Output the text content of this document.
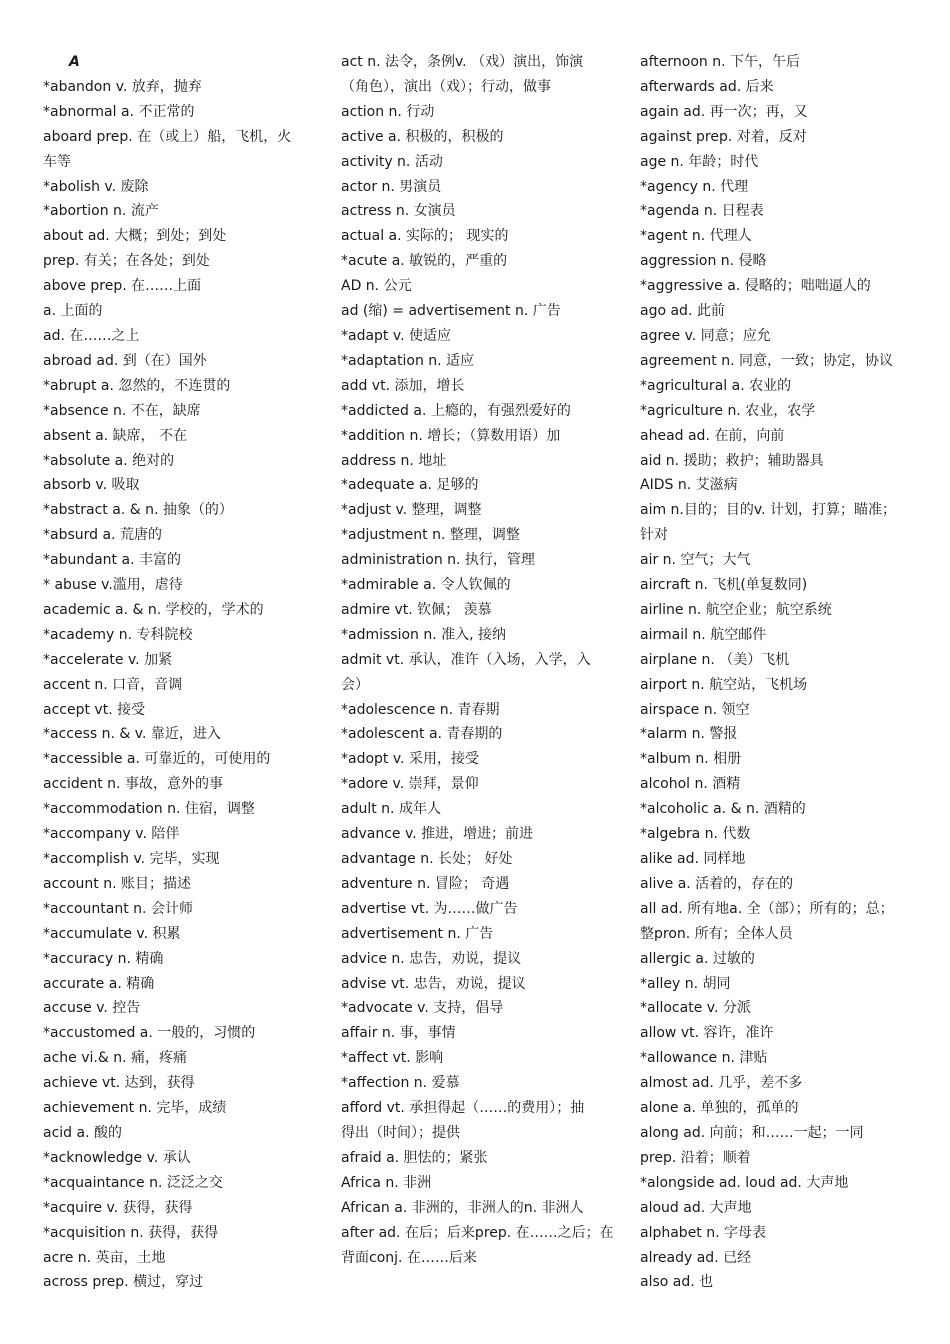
A
*abandon v. 放弃，抛弃
*abnormal a. 不正常的
aboard prep. 在（或上）船，飞机，火
车等
*abolish v. 废除
*abortion n. 流产
about ad. 大概；到处；到处
prep. 有关；在各处；到处
above prep. 在……上面
a. 上面的
ad. 在……之上
abroad ad. 到（在）国外
*abrupt a. 忽然的，不连贯的
*absence n. 不在，缺席
absent a. 缺席， 不在
*absolute a. 绝对的
absorb v. 吸取
*abstract a. & n. 抽象（的）
*absurd a. 荒唐的
*abundant a. 丰富的
* abuse v.滥用，虐待
academic a. & n. 学校的，学术的
*academy n. 专科院校
*accelerate v. 加紧
accent n. 口音，音调
accept vt. 接受
*access n. & v. 靠近，进入
*accessible a. 可靠近的，可使用的
accident n. 事故，意外的事
*accommodation n. 住宿，调整
*accompany v. 陪伴
*accomplish v. 完毕，实现
account n. 账目；描述
*accountant n. 会计师
*accumulate v. 积累
*accuracy n. 精确
accurate a. 精确
accuse v. 控告
*accustomed a. 一般的，习惯的
ache vi.& n. 痛，疼痛
achieve vt. 达到，获得
achievement n. 完毕，成绩
acid a. 酸的
*acknowledge v. 承认
*acquaintance n. 泛泛之交
*acquire v. 获得，获得
*acquisition n. 获得，获得
acre n. 英亩，土地
across prep. 横过，穿过
act n. 法令，条例v. （戏）演出，饰演
（角色），演出（戏）；行动，做事
action n. 行动
active a. 积极的，积极的
activity n. 活动
actor n. 男演员
actress n. 女演员
actual a. 实际的； 现实的
*acute a. 敏锐的，严重的
AD n. 公元
ad (缩) = advertisement n. 广告
*adapt v. 使适应
*adaptation n. 适应
add vt. 添加，增长
*addicted a. 上瘾的，有强烈爱好的
*addition n. 增长；（算数用语）加
address n. 地址
*adequate a. 足够的
*adjust v. 整理，调整
*adjustment n. 整理，调整
administration n. 执行，管理
*admirable a. 令人钦佩的
admire vt. 钦佩； 羡慕
*admission n. 准入, 接纳
admit vt. 承认，准许（入场，入学，入
会）
*adolescence n. 青春期
*adolescent a. 青春期的
*adopt v. 采用，接受
*adore v. 崇拜，景仰
adult n. 成年人
advance v. 推进，增进；前进
advantage n. 长处； 好处
adventure n. 冒险； 奇遇
advertise vt. 为……做广告
advertisement n. 广告
advice n. 忠告，劝说，提议
advise vt. 忠告，劝说，提议
*advocate v. 支持，倡导
affair n. 事，事情
*affect vt. 影响
*affection n. 爱慕
afford vt. 承担得起（……的费用）；抽
得出（时间）；提供
afraid a. 胆怯的；紧张
Africa n. 非洲
African a. 非洲的，非洲人的n. 非洲人
after ad. 在后；后来prep. 在……之后；在
背面conj. 在……后来
afternoon n. 下午，午后
afterwards ad. 后来
again ad. 再一次；再，又
against prep. 对着，反对
age n. 年龄；时代
*agency n. 代理
*agenda n. 日程表
*agent n. 代理人
aggression n. 侵略
*aggressive a. 侵略的；咄咄逼人的
ago ad. 此前
agree v. 同意；应允
agreement n. 同意，一致；协定，协议
*agricultural a. 农业的
*agriculture n. 农业，农学
ahead ad. 在前，向前
aid n. 援助；救护；辅助器具
AIDS n. 艾滋病
aim n.目的；目的v. 计划，打算；瞄准；
针对
air n. 空气；大气
aircraft n. 飞机(单复数同)
airline n. 航空企业；航空系统
airmail n. 航空邮件
airplane n. （美）飞机
airport n. 航空站，飞机场
airspace n. 领空
*alarm n. 警报
*album n. 相册
alcohol n. 酒精
*alcoholic a. & n. 酒精的
*algebra n. 代数
alike ad. 同样地
alive a. 活着的，存在的
all ad. 所有地a. 全（部）；所有的；总；
整pron. 所有；全体人员
allergic a. 过敏的
*alley n. 胡同
*allocate v. 分派
allow vt. 容许，准许
*allowance n. 津贴
almost ad. 几乎，差不多
alone a. 单独的，孤单的
along ad. 向前；和……一起；一同
prep. 沿着；顺着
*alongside ad. loud ad. 大声地
aloud ad. 大声地
alphabet n. 字母表
already ad. 已经
also ad. 也
